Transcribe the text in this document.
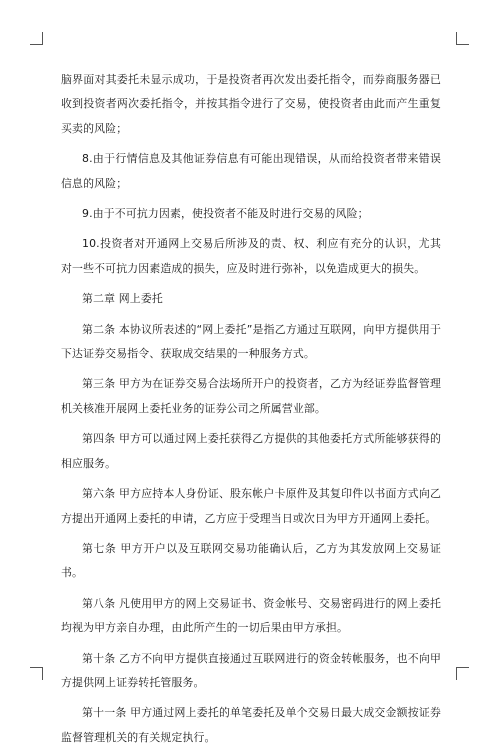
脑界面对其委托未显示成功，于是投资者再次发出委托指令，而券商服务器已收到投资者两次委托指令，并按其指令进行了交易，使投资者由此而产生重复买卖的风险；

8.由于行情信息及其他证券信息有可能出现错误，从而给投资者带来错误信息的风险；

9.由于不可抗力因素，使投资者不能及时进行交易的风险；

10.投资者对开通网上交易后所涉及的责、权、利应有充分的认识，尤其对一些不可抗力因素造成的损失，应及时进行弥补，以免造成更大的损失。

第二章 网上委托

第二条 本协议所表述的“网上委托”是指乙方通过互联网，向甲方提供用于下达证券交易指令、获取成交结果的一种服务方式。

第三条 甲方为在证券交易合法场所开户的投资者，乙方为经证券监督管理机关核准开展网上委托业务的证券公司之所属营业部。

第四条 甲方可以通过网上委托获得乙方提供的其他委托方式所能够获得的相应服务。

第六条 甲方应持本人身份证、股东帐户卡原件及其复印件以书面方式向乙方提出开通网上委托的申请，乙方应于受理当日或次日为甲方开通网上委托。

第七条 甲方开户以及互联网交易功能确认后，乙方为其发放网上交易证书。

第八条 凡使用甲方的网上交易证书、资金帐号、交易密码进行的网上委托均视为甲方亲自办理，由此所产生的一切后果由甲方承担。

第十条 乙方不向甲方提供直接通过互联网进行的资金转帐服务，也不向甲方提供网上证券转托管服务。

第十一条 甲方通过网上委托的单笔委托及单个交易日最大成交金额按证券监督管理机关的有关规定执行。
